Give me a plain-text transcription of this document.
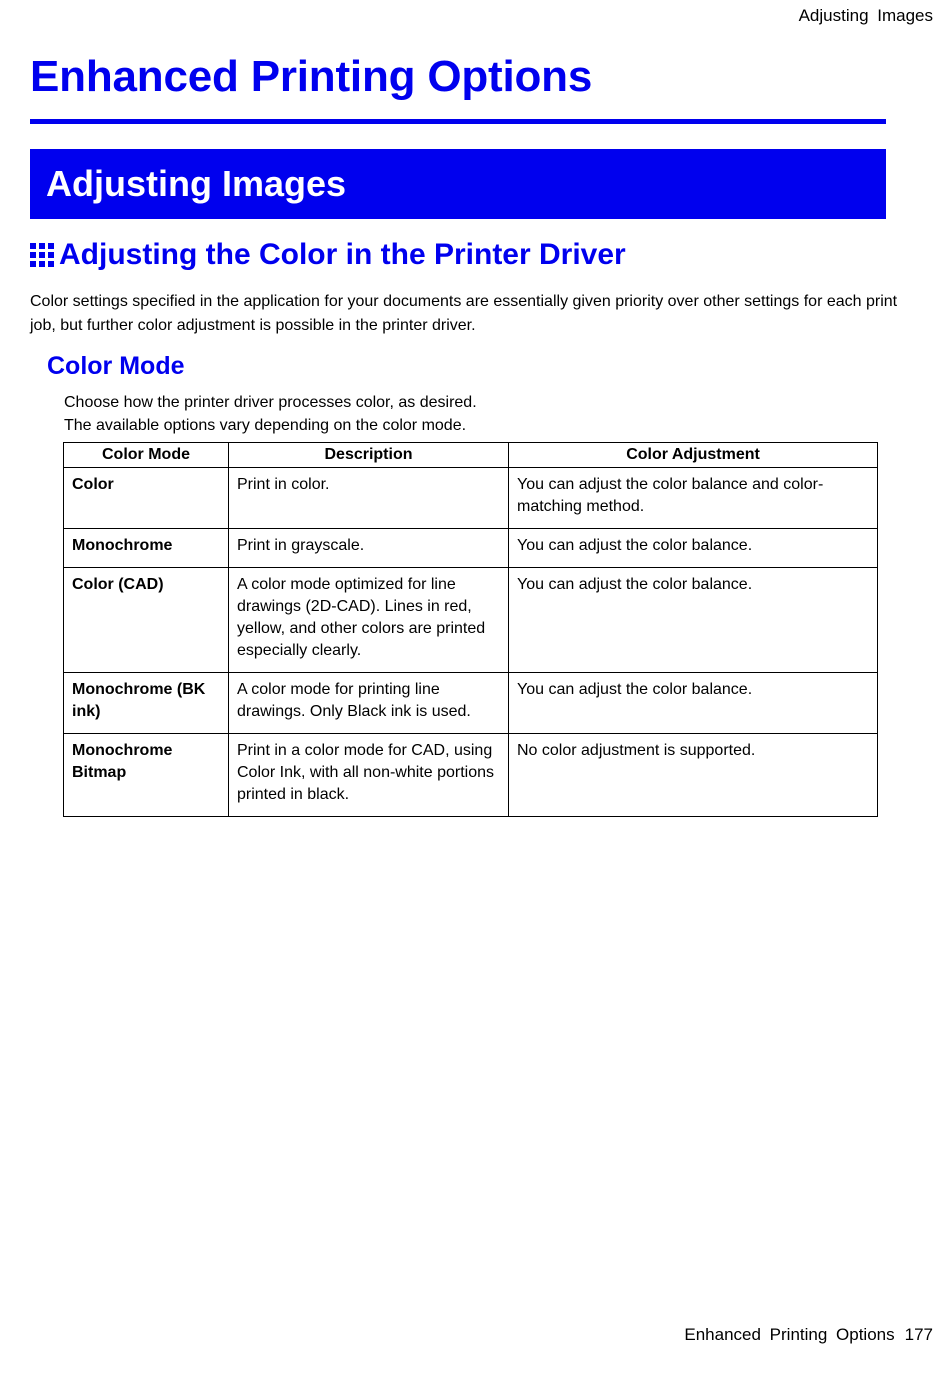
Adjusting Images
Enhanced Printing Options
Adjusting Images
Adjusting the Color in the Printer Driver

Color settings specified in the application for your documents are essentially given priority over other settings for each print job, but further color adjustment is possible in the printer driver.

Color Mode

Choose how the printer driver processes color, as desired.

The available options vary depending on the color mode.

Color Mode	Description	Color Adjustment
Color	Print in color.	You can adjust the color balance and color-matching method.
Monochrome	Print in grayscale.	You can adjust the color balance.
Color (CAD)	A color mode optimized for line drawings (2D-CAD). Lines in red, yellow, and other colors are printed especially clearly.	You can adjust the color balance.
Monochrome (BK ink)	A color mode for printing line drawings. Only Black ink is used.	You can adjust the color balance.
Monochrome Bitmap	Print in a color mode for CAD, using Color Ink, with all non-white portions printed in black.	No color adjustment is supported.
Enhanced Printing Options 177
